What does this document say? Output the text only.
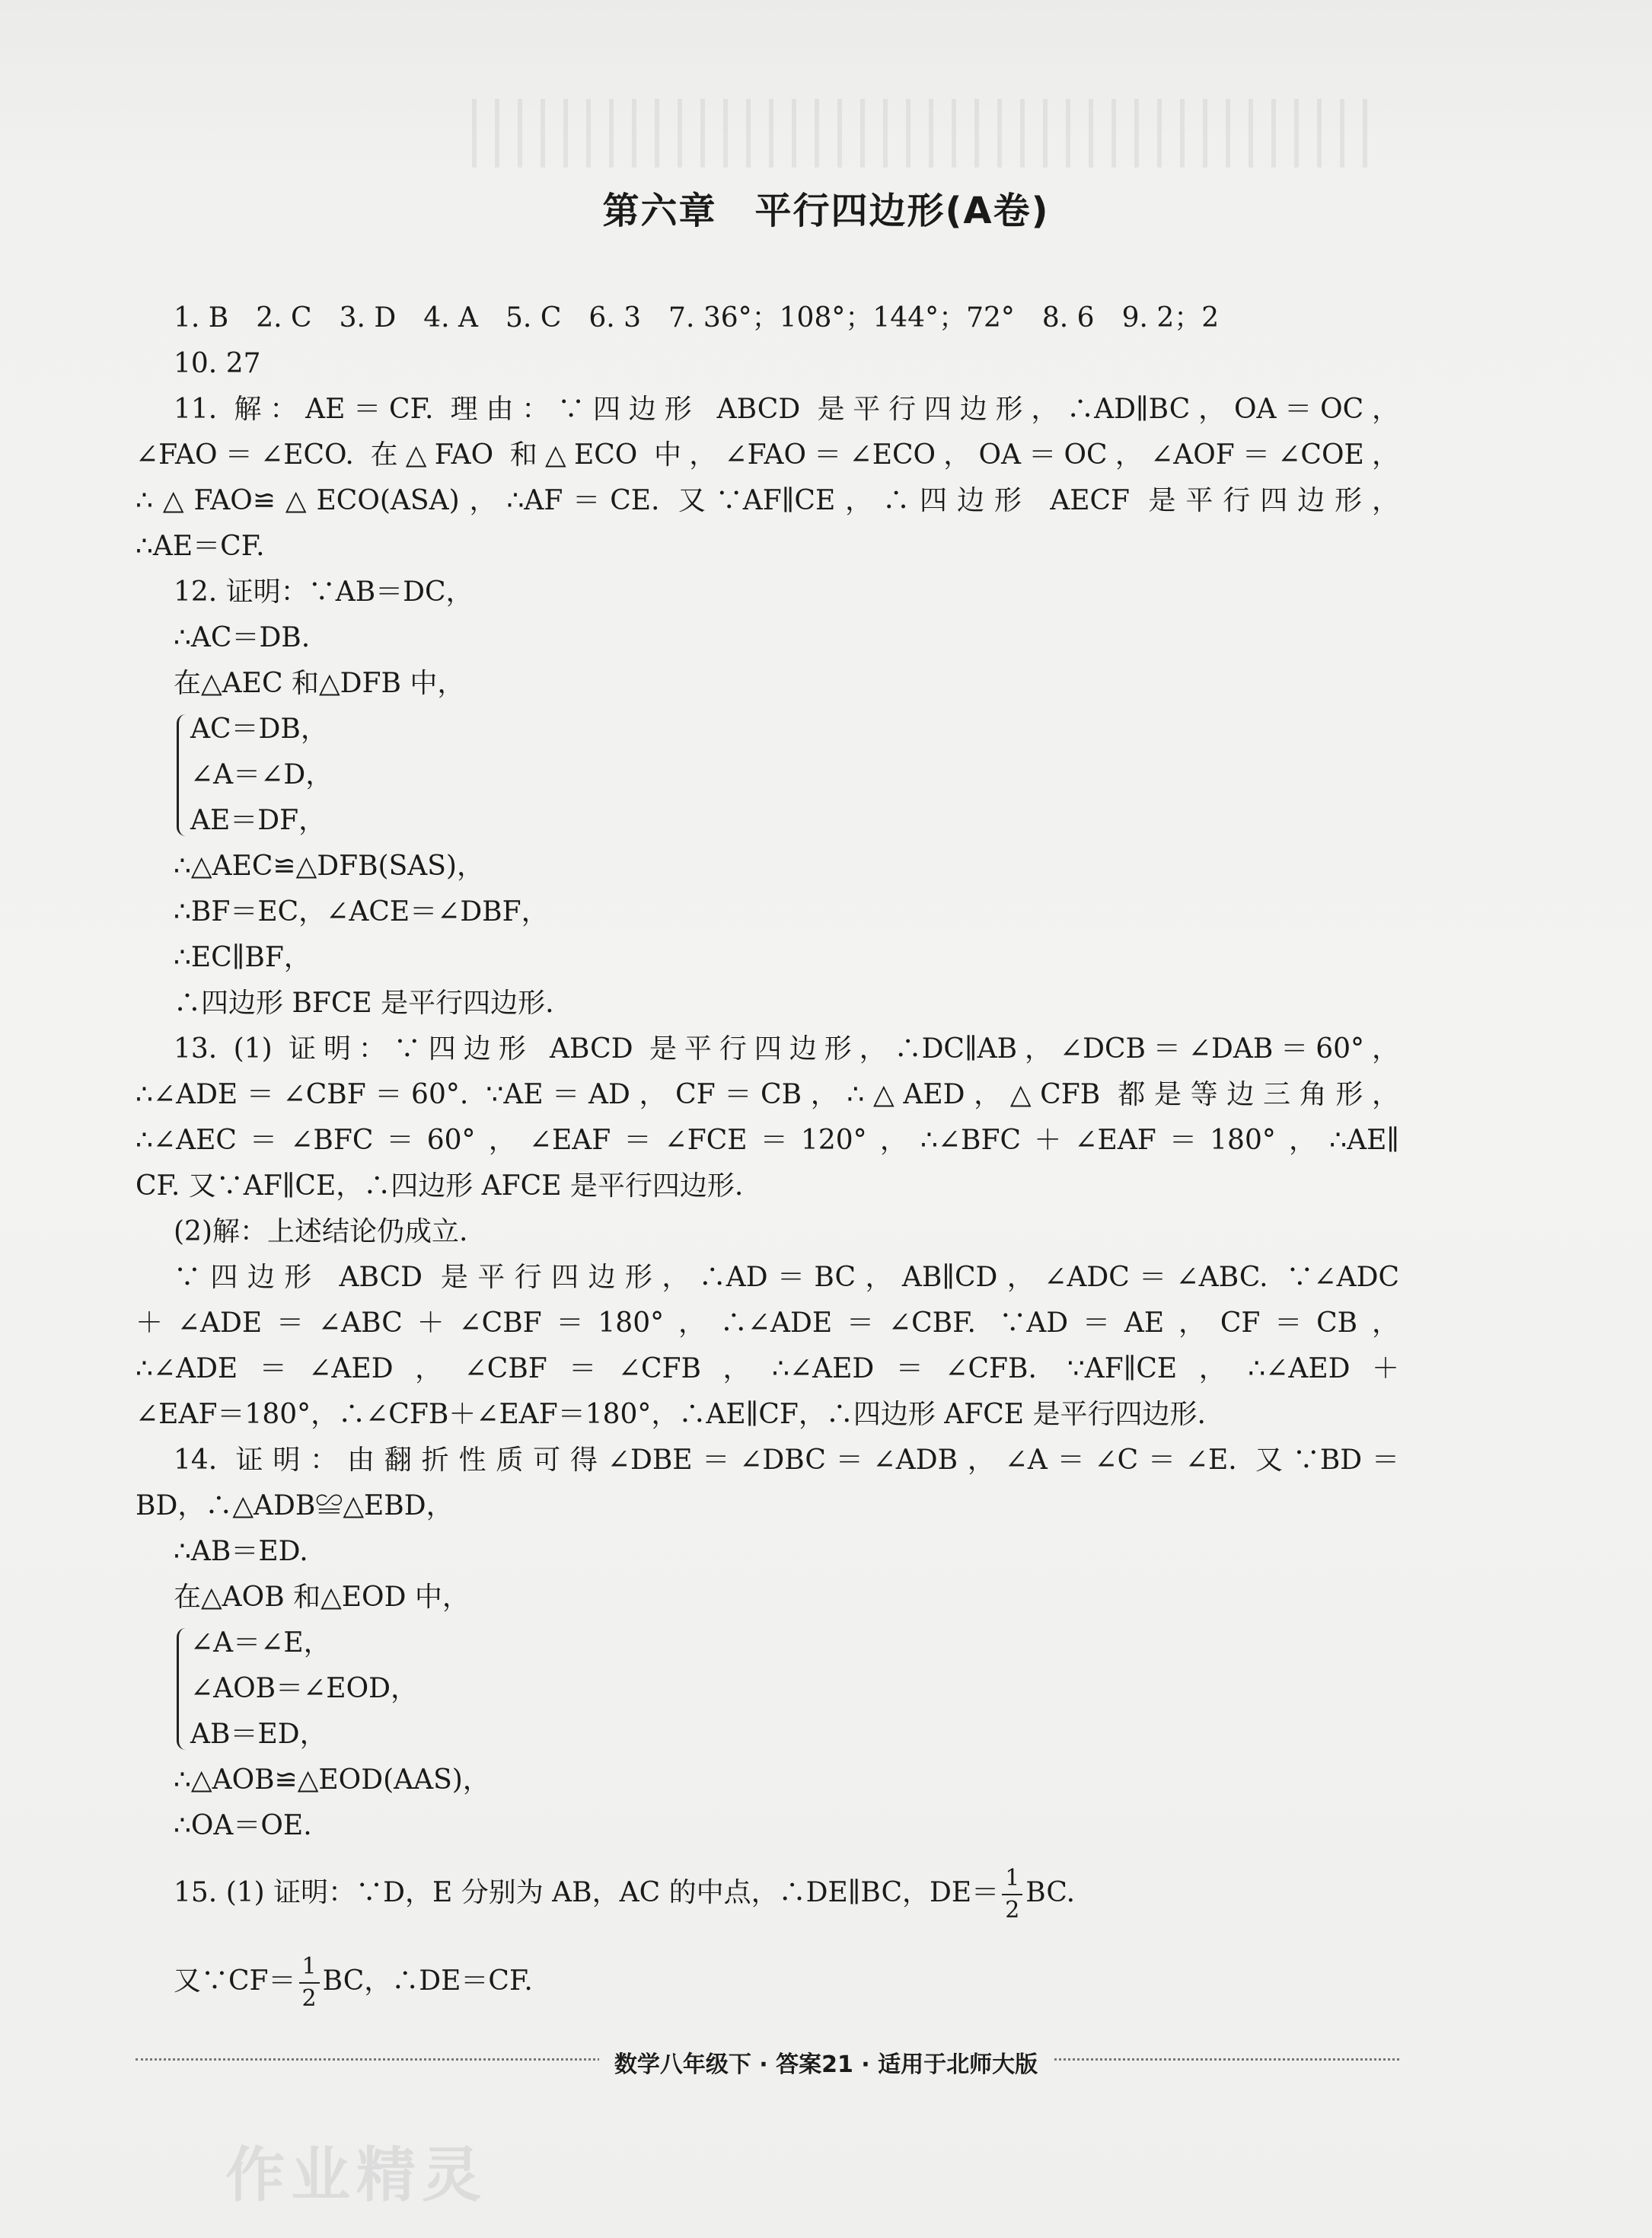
第六章　平行四边形(A卷)
1. B　2. C　3. D　4. A　5. C　6. 3　7. 36°；108°；144°；72°　8. 6　9. 2；2
10. 27
11. 解：AE＝CF. 理由：∵四边形 ABCD 是平行四边形，∴AD∥BC，OA＝OC，
∠FAO＝∠ECO. 在△FAO 和△ECO 中，∠FAO＝∠ECO，OA＝OC，∠AOF＝∠COE，
∴△FAO≌△ECO(ASA)，∴AF＝CE. 又∵AF∥CE，∴四边形 AECF 是平行四边形，
∴AE＝CF.
12. 证明：∵AB＝DC，
∴AC＝DB.
在△AEC 和△DFB 中，
AC＝DB，
∠A＝∠D，
AE＝DF，
∴△AEC≌△DFB(SAS)，
∴BF＝EC，∠ACE＝∠DBF，
∴EC∥BF，
∴四边形 BFCE 是平行四边形.
13. (1) 证明：∵四边形 ABCD 是平行四边形，∴DC∥AB，∠DCB＝∠DAB＝60°，
∴∠ADE＝∠CBF＝60°. ∵AE＝AD，CF＝CB，∴△AED，△CFB 都是等边三角形，
∴∠AEC＝∠BFC＝60°，∠EAF＝∠FCE＝120°，∴∠BFC＋∠EAF＝180°，∴AE∥
CF. 又∵AF∥CE，∴四边形 AFCE 是平行四边形.
(2)解：上述结论仍成立.
∵四边形 ABCD 是平行四边形，∴AD＝BC，AB∥CD，∠ADC＝∠ABC. ∵∠ADC
＋∠ADE＝∠ABC＋∠CBF＝180°，∴∠ADE＝∠CBF. ∵AD＝AE，CF＝CB，
∴∠ADE＝∠AED，∠CBF＝∠CFB，∴∠AED＝∠CFB. ∵AF∥CE，∴∠AED＋
∠EAF＝180°，∴∠CFB＋∠EAF＝180°，∴AE∥CF，∴四边形 AFCE 是平行四边形.
14. 证明：由翻折性质可得∠DBE＝∠DBC＝∠ADB，∠A＝∠C＝∠E. 又∵BD＝
BD，∴△ADB≌△EBD，
∴AB＝ED.
在△AOB 和△EOD 中，
∠A＝∠E，
∠AOB＝∠EOD，
AB＝ED，
∴△AOB≌△EOD(AAS)，
∴OA＝OE.
15. (1) 证明：∵D，E 分别为 AB，AC 的中点，∴DE∥BC，$DE= \frac{1}{2}$ BC.
又∵CF＝ $\frac{1}{2}$ BC，∴DE＝CF.
数学八年级下 · 答案21 · 适用于北师大版
作业精灵
